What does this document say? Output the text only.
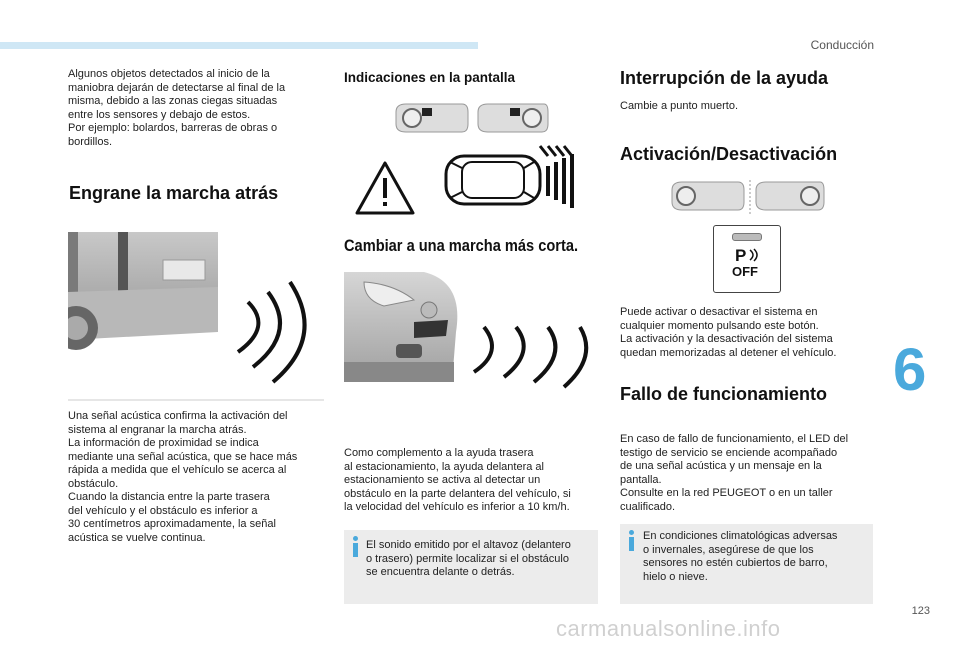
Conducción
6
Algunos objetos detectados al inicio de la
maniobra dejarán de detectarse al final de la
misma, debido a las zonas ciegas situadas
entre los sensores y debajo de estos.
Por ejemplo: bolardos, barreras de obras o
bordillos.
Engrane la marcha atrás
Una señal acústica confirma la activación del
sistema al engranar la marcha atrás.
La información de proximidad se indica
mediante una señal acústica, que se hace más
rápida a medida que el vehículo se acerca al
obstáculo.
Cuando la distancia entre la parte trasera
del vehículo y el obstáculo es inferior a
30 centímetros aproximadamente, la señal
acústica se vuelve continua.
Indicaciones en la pantalla
Cambiar a una marcha más corta.
Como complemento a la ayuda trasera
al estacionamiento, la ayuda delantera al
estacionamiento se activa al detectar un
obstáculo en la parte delantera del vehículo, si
la velocidad del vehículo es inferior a 10 km/h.
El sonido emitido por el altavoz (delantero
o trasero) permite localizar si el obstáculo
se encuentra delante o detrás.
Interrupción de la ayuda
Cambie a punto muerto.
Activación/Desactivación
P
OFF
Puede activar o desactivar el sistema en
cualquier momento pulsando este botón.
La activación y la desactivación del sistema
quedan memorizadas al detener el vehículo.
Fallo de funcionamiento
En caso de fallo de funcionamiento, el LED del
testigo de servicio se enciende acompañado
de una señal acústica y un mensaje en la
pantalla.
Consulte en la red PEUGEOT o en un taller
cualificado.
En condiciones climatológicas adversas
o invernales, asegúrese de que los
sensores no estén cubiertos de barro,
hielo o nieve.
123
carmanualsonline.info
